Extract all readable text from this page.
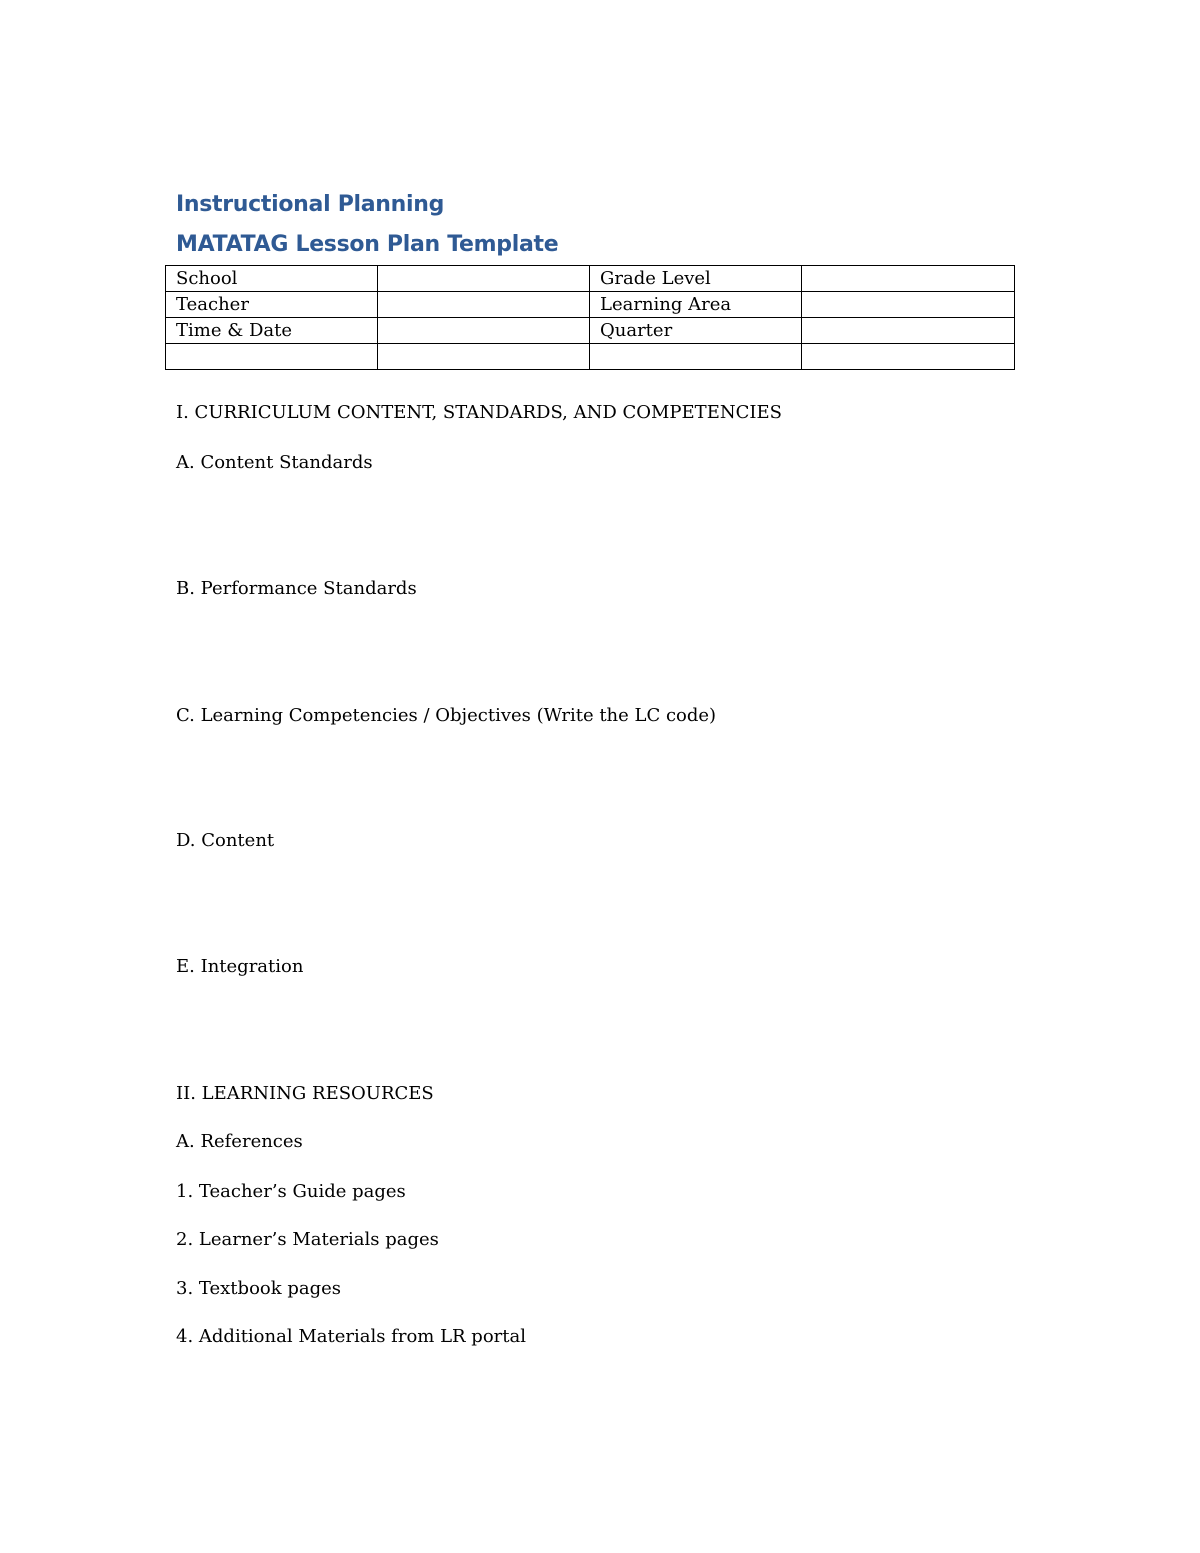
Instructional Planning
MATATAG Lesson Plan Template
School		Grade Level	
Teacher		Learning Area	
Time & Date		Quarter	

I. CURRICULUM CONTENT, STANDARDS, AND COMPETENCIES
A. Content Standards
B. Performance Standards
C. Learning Competencies / Objectives (Write the LC code)
D. Content
E. Integration
II. LEARNING RESOURCES
A. References
1. Teacher’s Guide pages
2. Learner’s Materials pages
3. Textbook pages
4. Additional Materials from LR portal
